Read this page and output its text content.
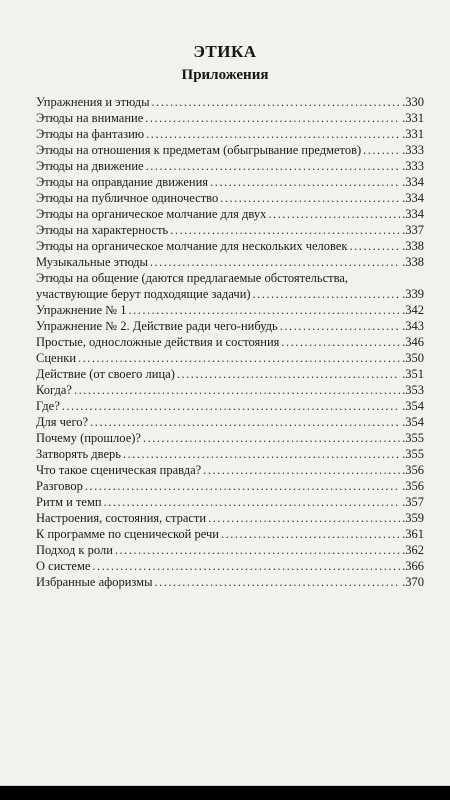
ЭТИКА
Приложения
Упражнения и этюды .....	.330
Этюды на внимание .....	.331
Этюды на фантазию .....	.331
Этюды на отношения к предметам (обыгрывание предметов) .....	.333
Этюды на движение .....	.333
Этюды на оправдание движения .....	.334
Этюды на публичное одиночество .....	.334
Этюды на органическое молчание для двух .....	.334
Этюды на характерность .....	.337
Этюды на органическое молчание для нескольких человек .....	.338
Музыкальные этюды .....	.338
Этюды на общение (даются предлагаемые обстоятельства,
участвующие берут подходящие задачи) .....	.339
Упражнение № 1 .....	.342
Упражнение № 2. Действие ради чего-нибудь .....	.343
Простые, односложные действия и состояния .....	.346
Сценки .....	.350
Действие (от своего лица) .....	.351
Когда? .....	.353
Где? .....	.354
Для чего? .....	.354
Почему (прошлое)? .....	.355
Затворять дверь .....	.355
Что такое сценическая правда? .....	.356
Разговор .....	.356
Ритм и темп .....	.357
Настроения, состояния, страсти .....	.359
К программе по сценической речи .....	.361
Подход к роли .....	.362
О системе .....	.366
Избранные афоризмы .....	.370
